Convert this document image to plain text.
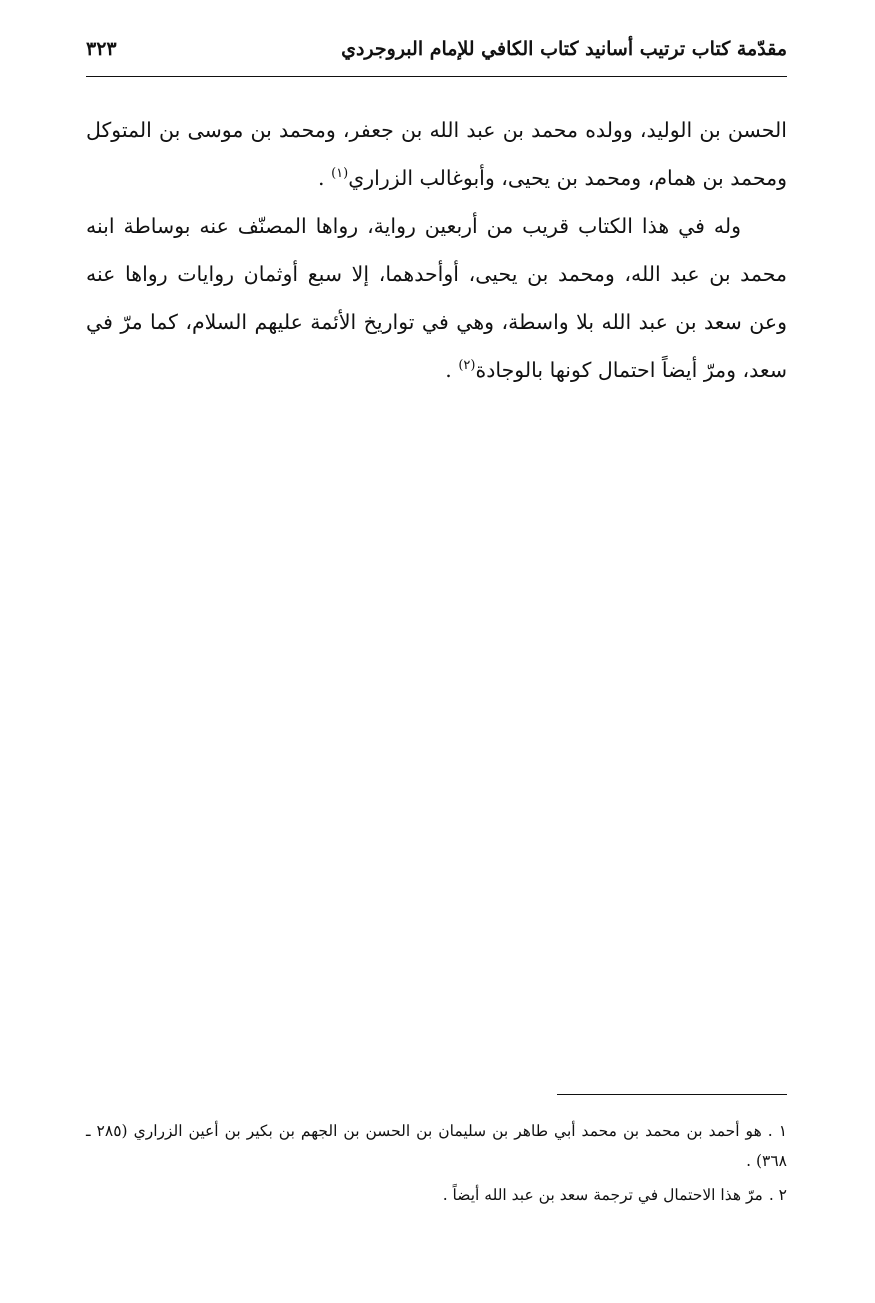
مقدّمة كتاب ترتيب أسانيد كتاب الكافي للإمام البروجردي
٣٢٣

الحسن بن الوليد، وولده محمد بن عبد الله بن جعفر، ومحمد بن موسى بن المتوكل ومحمد بن همام، ومحمد بن يحيى، وأبوغالب الزراري$^{(١)}$ .

وله في هذا الكتاب قريب من أربعين رواية، رواها المصنّف عنه بوساطة ابنه محمد بن عبد الله، ومحمد بن يحيى، أوأحدهما، إلا سبع أوثمان روايات رواها عنه وعن سعد بن عبد الله بلا واسطة، وهي في تواريخ الأئمة عليهم السلام، كما مرّ في سعد، ومرّ أيضاً احتمال كونها بالوجادة$^{(٢)}$ .

١ .هو أحمد بن محمد بن محمد أبي طاهر بن سليمان بن الحسن بن الجهم بن بكير بن أعين الزراري (٢٨٥ ـ ٣٦٨) .

٢ .مرّ هذا الاحتمال في ترجمة سعد بن عبد الله أيضاً .
